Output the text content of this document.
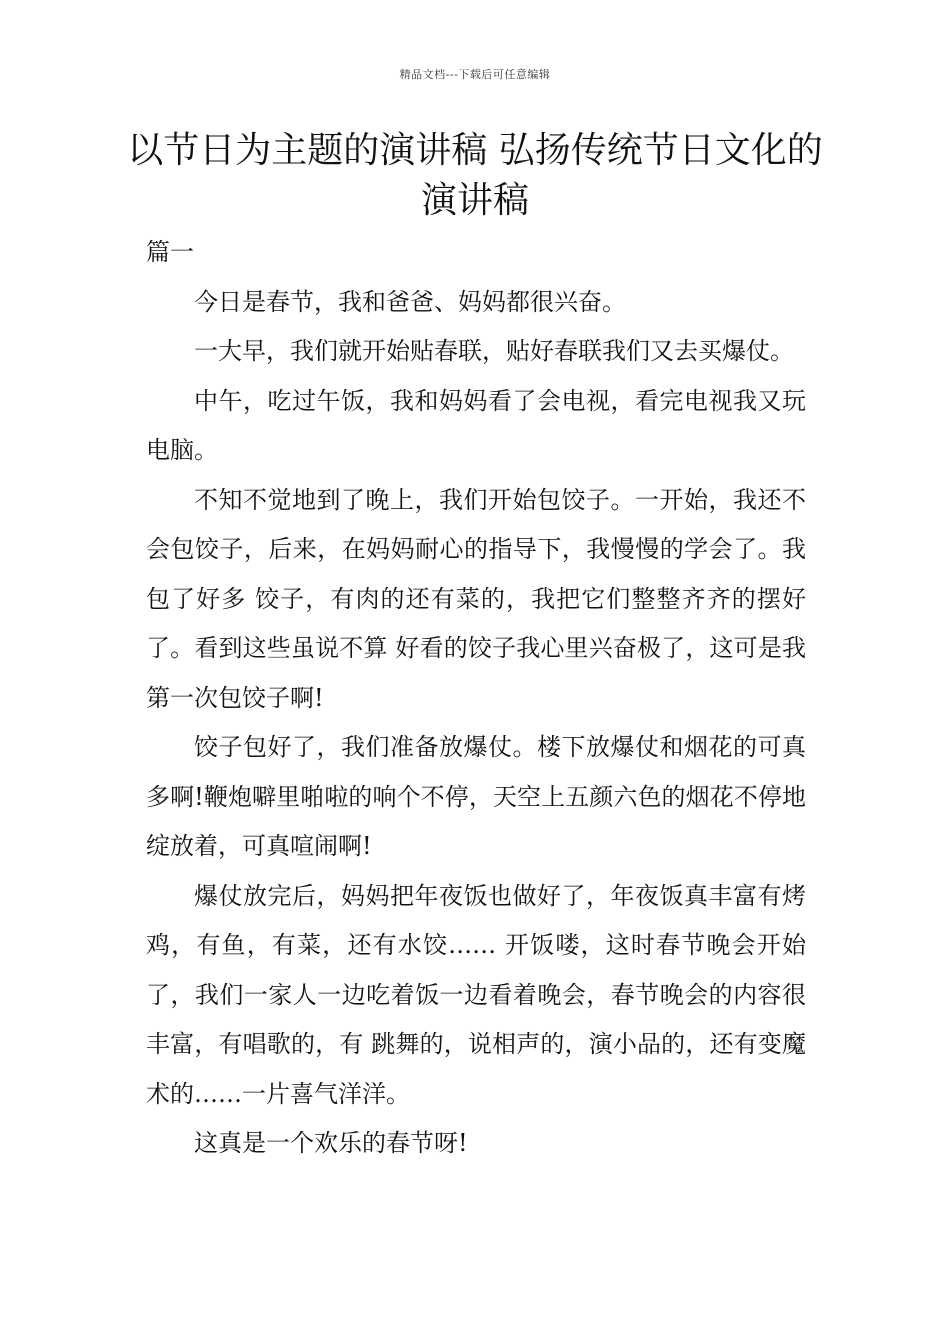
精品文档---下载后可任意编辑
以节日为主题的演讲稿 弘扬传统节日文化的演讲稿

篇一

今日是春节，我和爸爸、妈妈都很兴奋。

一大早，我们就开始贴春联，贴好春联我们又去买爆仗。

中午，吃过午饭，我和妈妈看了会电视，看完电视我又玩电脑。

不知不觉地到了晚上，我们开始包饺子。一开始，我还不会包饺子，后来，在妈妈耐心的指导下，我慢慢的学会了。我包了好多 饺子，有肉的还有菜的，我把它们整整齐齐的摆好了。看到这些虽说不算 好看的饺子我心里兴奋极了，这可是我第一次包饺子啊!

饺子包好了，我们准备放爆仗。楼下放爆仗和烟花的可真多啊!鞭炮噼里啪啦的响个不停，天空上五颜六色的烟花不停地绽放着，可真喧闹啊!

爆仗放完后，妈妈把年夜饭也做好了，年夜饭真丰富有烤鸡，有鱼，有菜，还有水饺…… 开饭喽，这时春节晚会开始了，我们一家人一边吃着饭一边看着晚会，春节晚会的内容很丰富，有唱歌的，有 跳舞的，说相声的，演小品的，还有变魔术的……一片喜气洋洋。

这真是一个欢乐的春节呀!
